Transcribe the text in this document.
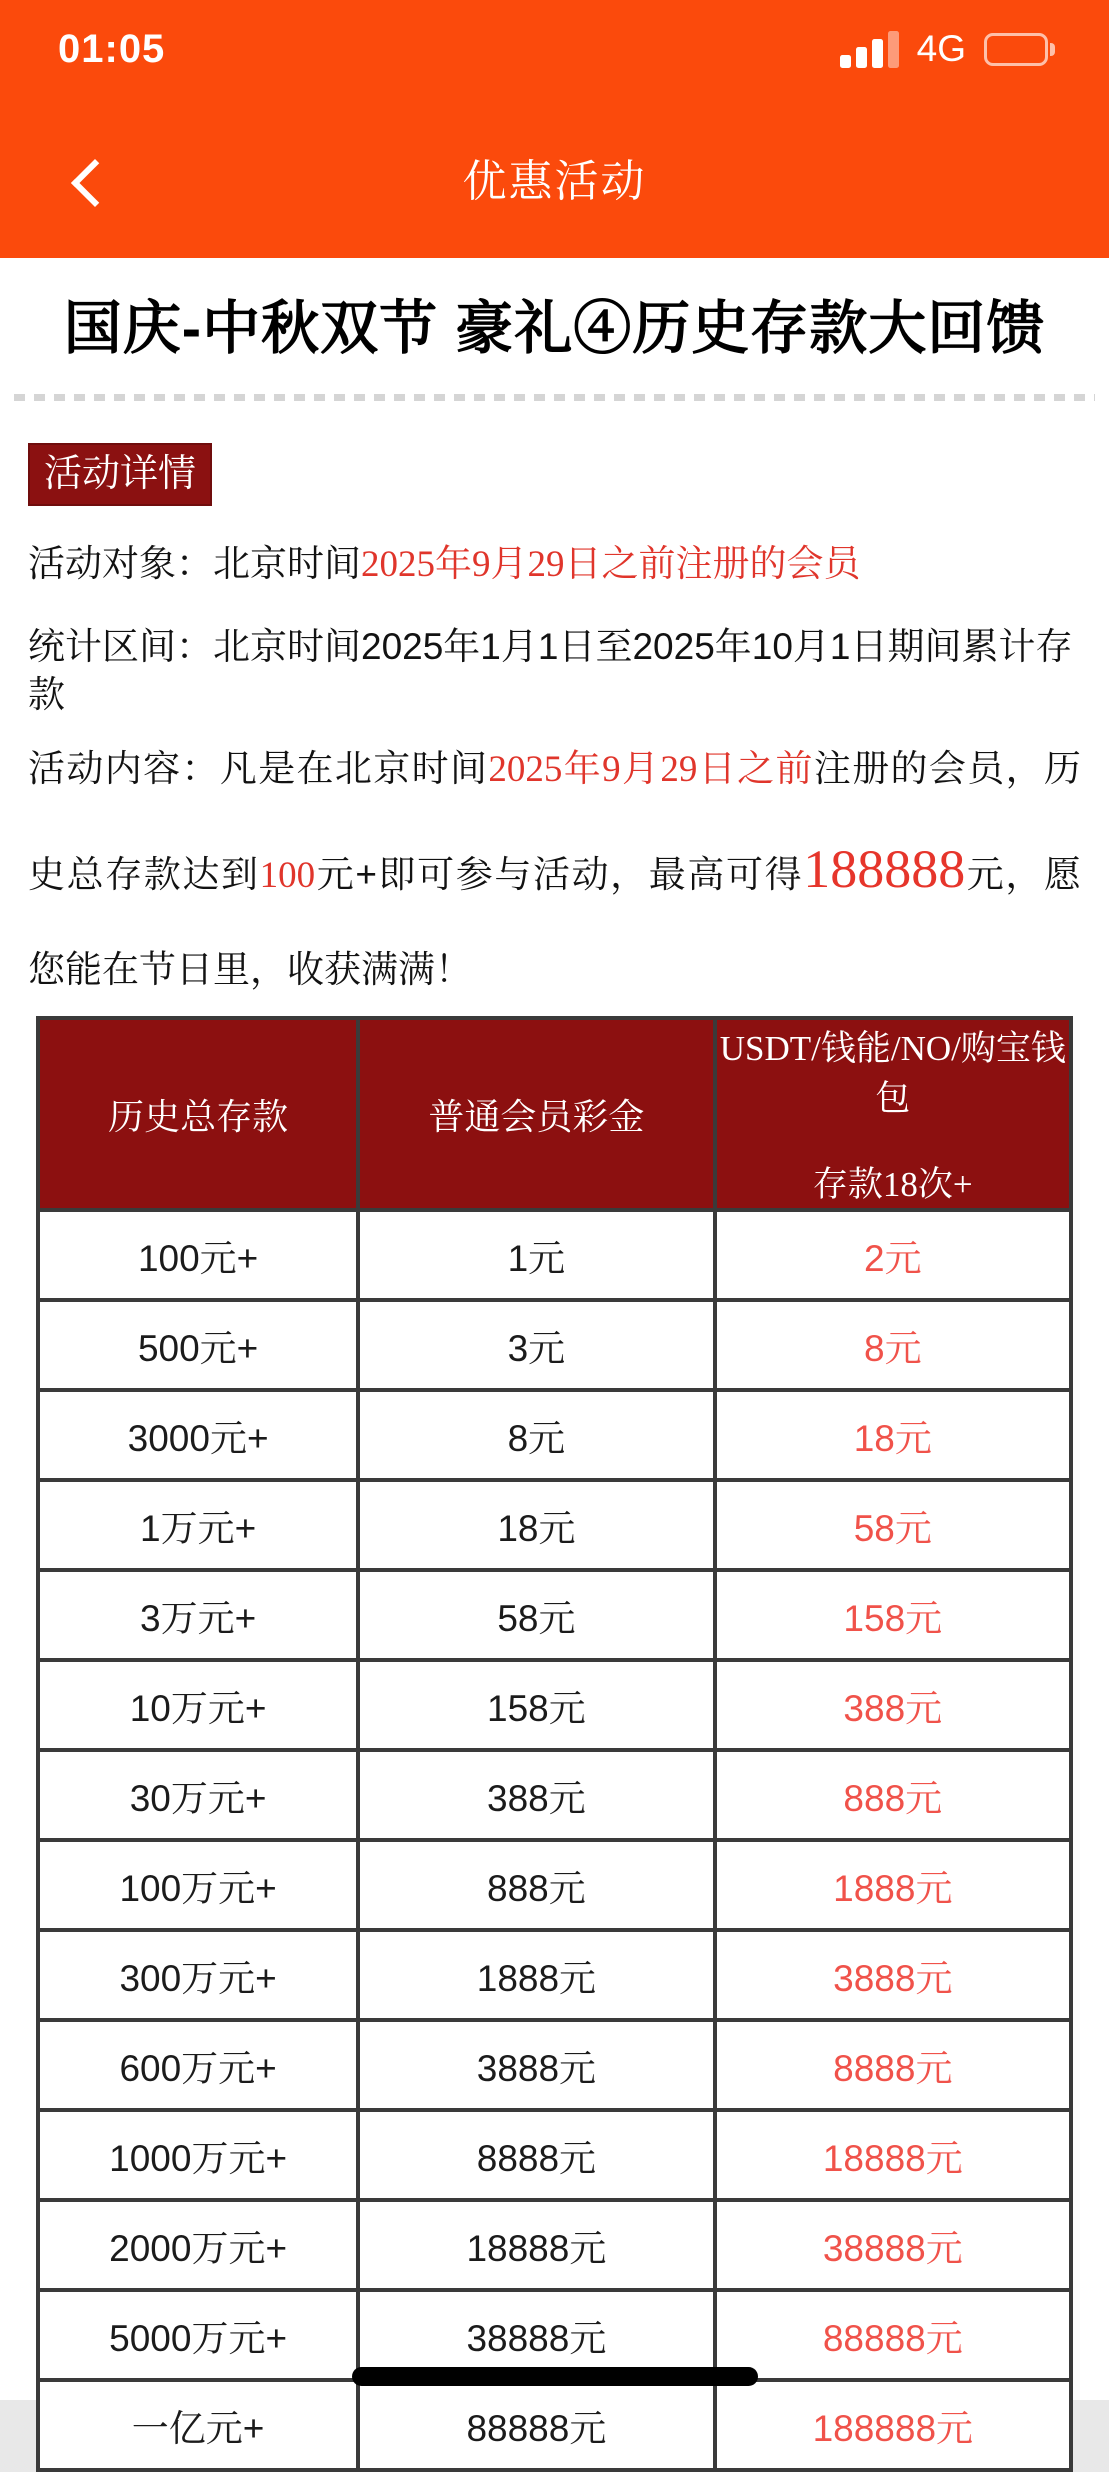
01:05	4G
优惠活动
国庆-中秋双节 豪礼④历史存款大回馈
活动详情

活动对象：北京时间2025年9月29日之前注册的会员

统计区间：北京时间2025年1月1日至2025年10月1日期间累计存款

活动内容：凡是在北京时间2025年9月29日之前注册的会员，历史总存款达到100元+即可参与活动，最高可得188888元，愿您能在节日里，收获满满！

历史总存款	普通会员彩金	USDT/钱能/NO/购宝钱包
存款18次+

100元+	1元	2元
500元+	3元	8元
3000元+	8元	18元
1万元+	18元	58元
3万元+	58元	158元
10万元+	158元	388元
30万元+	388元	888元
100万元+	888元	1888元
300万元+	1888元	3888元
600万元+	3888元	8888元
1000万元+	8888元	18888元
2000万元+	18888元	38888元
5000万元+	38888元	88888元
一亿元+	88888元	188888元
